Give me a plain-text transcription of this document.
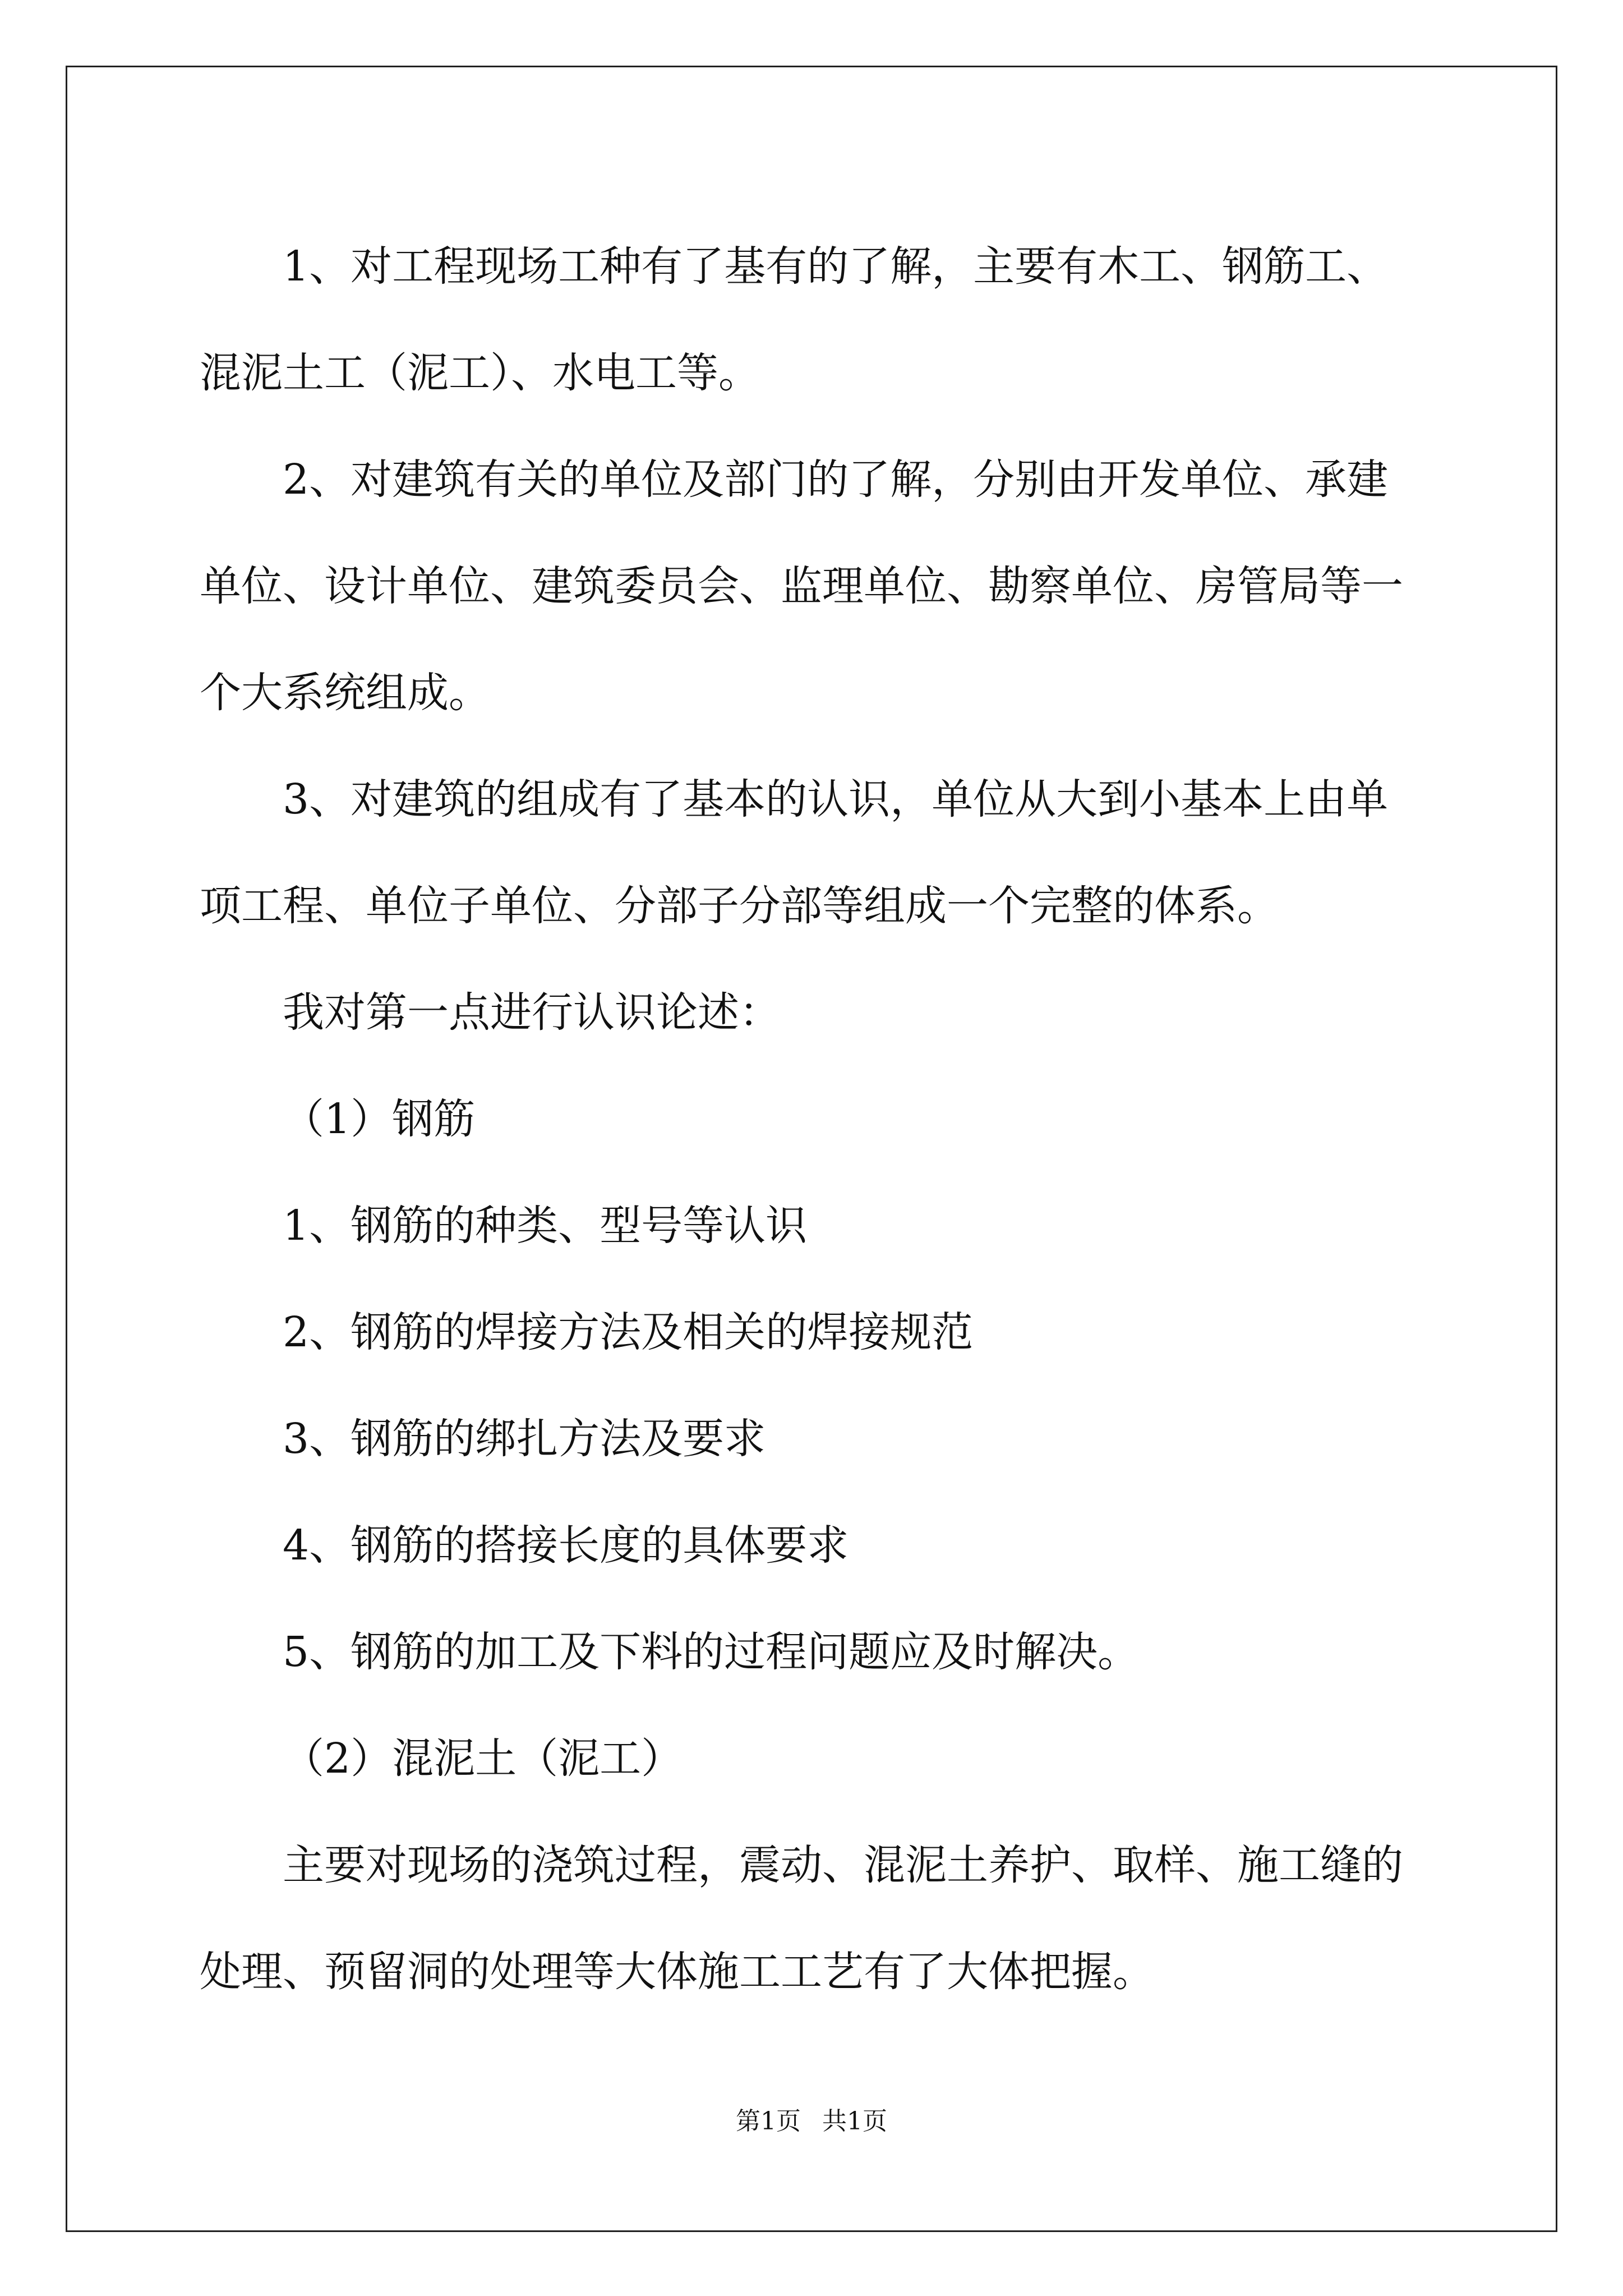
1、对工程现场工种有了基有的了解，主要有木工、钢筋工、混泥土工（泥工）、水电工等。

2、对建筑有关的单位及部门的了解，分别由开发单位、承建单位、设计单位、建筑委员会、监理单位、勘察单位、房管局等一个大系统组成。

3、对建筑的组成有了基本的认识，单位从大到小基本上由单项工程、单位子单位、分部子分部等组成一个完整的体系。

我对第一点进行认识论述：

（1）钢筋

1、钢筋的种类、型号等认识

2、钢筋的焊接方法及相关的焊接规范

3、钢筋的绑扎方法及要求

4、钢筋的搭接长度的具体要求

5、钢筋的加工及下料的过程问题应及时解决。

（2）混泥土（泥工）

主要对现场的浇筑过程，震动、混泥土养护、取样、施工缝的处理、预留洞的处理等大体施工工艺有了大体把握。

第1页 共1页
